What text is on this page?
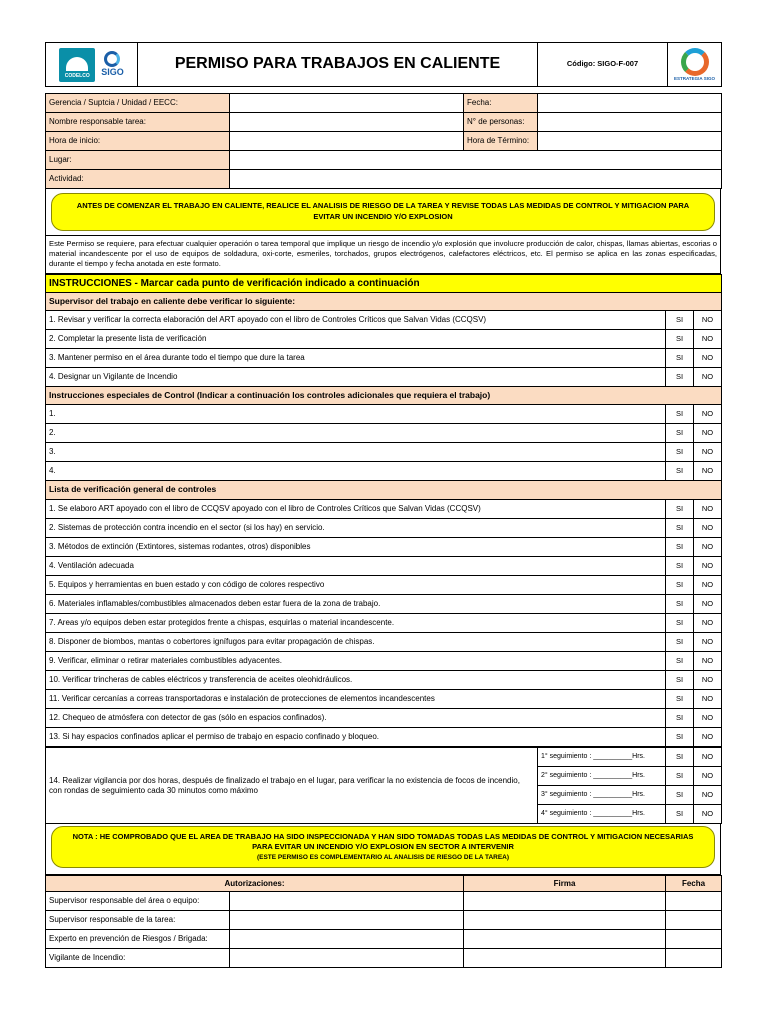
CODELCO SIGO
	PERMISO PARA TRABAJOS EN CALIENTE	Código: SIGO-F-007	
ESTRATEGIA SIGO
Gerencia / Suptcia / Unidad / EECC:		Fecha:	
Nombre responsable tarea:		N° de personas:	
Hora de inicio:		Hora de Término:	
Lugar:			
Actividad:			
ANTES DE COMENZAR EL TRABAJO EN CALIENTE, REALICE EL ANALISIS DE RIESGO DE LA TAREA Y REVISE TODAS LAS MEDIDAS DE CONTROL Y MITIGACION PARA EVITAR UN INCENDIO Y/O EXPLOSION
Este Permiso se requiere, para efectuar cualquier operación o tarea temporal que implique un riesgo de incendio y/o explosión que involucre producción de calor, chispas, llamas abiertas, escorias o material incandescente por el uso de equipos de soldadura, oxi-corte, esmeriles, torchados, grupos electrógenos, calefactores eléctricos, etc. El permiso se aplica en las zonas especificadas, durante el tiempo y fecha anotada en este formato.
INSTRUCCIONES - Marcar cada punto de verificación indicado a continuación		
Supervisor del trabajo en caliente debe verificar lo siguiente:		
1. Revisar y verificar la correcta elaboración del ART apoyado con el libro de Controles Críticos que Salvan Vidas (CCQSV)	SI	NO
2. Completar la presente lista de verificación	SI	NO
3. Mantener permiso en el área durante todo el tiempo que dure la tarea	SI	NO
4. Designar un Vigilante de Incendio	SI	NO
Instrucciones especiales de Control (Indicar a continuación los controles adicionales que requiera el trabajo)		
1.	SI	NO
2.	SI	NO
3.	SI	NO
4.	SI	NO
Lista de verificación general de controles		
1. Se elaboro ART apoyado con el libro de CCQSV apoyado con el libro de Controles Críticos que Salvan Vidas (CCQSV)	SI	NO
2. Sistemas de protección contra incendio en el sector (si los hay) en servicio.	SI	NO
3. Métodos de extinción (Extintores, sistemas rodantes, otros) disponibles	SI	NO
4. Ventilación adecuada	SI	NO
5. Equipos y herramientas en buen estado y con código de colores respectivo	SI	NO
6. Materiales inflamables/combustibles almacenados deben estar fuera de la zona de trabajo.	SI	NO
7. Areas y/o equipos deben estar protegidos frente a chispas, esquirlas o material incandescente.	SI	NO
8. Disponer de biombos, mantas o cobertores ignífugos para evitar propagación de chispas.	SI	NO
9. Verificar, eliminar o retirar materiales combustibles adyacentes.	SI	NO
10. Verificar trincheras de cables eléctricos y transferencia de aceites oleohidráulicos.	SI	NO
11. Verificar cercanías a correas transportadoras e instalación de protecciones de elementos incandescentes	SI	NO
12. Chequeo de atmósfera con detector de gas (sólo en espacios confinados).	SI	NO
13. Si hay espacios confinados aplicar el permiso de trabajo en espacio confinado y bloqueo.	SI	NO
14. Realizar vigilancia por dos horas, después de finalizado el trabajo en el lugar, para verificar la no existencia de focos de incendio, con rondas de seguimiento cada 30 minutos como máximo	1° seguimiento : __________Hrs.	SI	NO
	2° seguimiento : __________Hrs.	SI	NO
	3° seguimiento : __________Hrs.	SI	NO
	4° seguimiento : __________Hrs.	SI	NO
NOTA : HE COMPROBADO QUE EL AREA DE TRABAJO HA SIDO INSPECCIONADA Y HAN SIDO TOMADAS TODAS LAS MEDIDAS DE CONTROL Y MITIGACION NECESARIAS PARA EVITAR UN INCENDIO Y/O EXPLOSION EN SECTOR A INTERVENIR
(ESTE PERMISO ES COMPLEMENTARIO AL ANALISIS DE RIESGO DE LA TAREA)
Autorizaciones:		Firma	Fecha
Supervisor responsable del área o equipo:			
Supervisor responsable de la tarea:			
Experto en prevención de Riesgos / Brigada:			
Vigilante de Incendio:			
